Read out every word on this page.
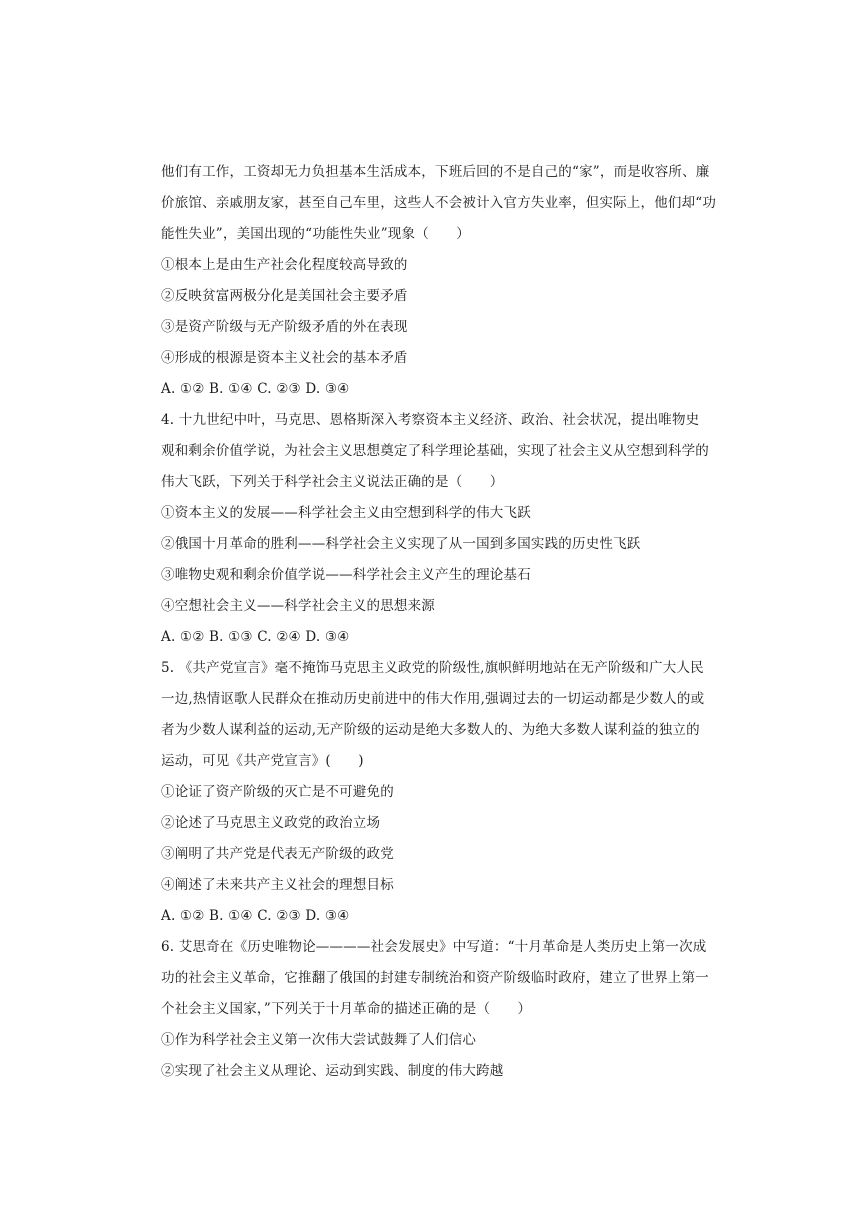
他们有工作，工资却无力负担基本生活成本，下班后回的不是自己的“家”，而是收容所、廉
价旅馆、亲戚朋友家，甚至自己车里，这些人不会被计入官方失业率，但实际上，他们却“功
能性失业”，美国出现的“功能性失业”现象（　　）
①根本上是由生产社会化程度较高导致的
②反映贫富两极分化是美国社会主要矛盾
③是资产阶级与无产阶级矛盾的外在表现
④形成的根源是资本主义社会的基本矛盾
A. ①② B. ①④ C. ②③ D. ③④
4. 十九世纪中叶，马克思、恩格斯深入考察资本主义经济、政治、社会状况，提出唯物史
观和剩余价值学说，为社会主义思想奠定了科学理论基础，实现了社会主义从空想到科学的
伟大飞跃，下列关于科学社会主义说法正确的是（　　）
①资本主义的发展——科学社会主义由空想到科学的伟大飞跃
②俄国十月革命的胜利——科学社会主义实现了从一国到多国实践的历史性飞跃
③唯物史观和剩余价值学说——科学社会主义产生的理论基石
④空想社会主义——科学社会主义的思想来源
A. ①② B. ①③ C. ②④ D. ③④
5. 《共产党宣言》毫不掩饰马克思主义政党的阶级性,旗帜鲜明地站在无产阶级和广大人民
一边,热情讴歌人民群众在推动历史前进中的伟大作用,强调过去的一切运动都是少数人的或
者为少数人谋利益的运动,无产阶级的运动是绝大多数人的、为绝大多数人谋利益的独立的
运动，可见《共产党宣言》(　　)
①论证了资产阶级的灭亡是不可避免的
②论述了马克思主义政党的政治立场
③阐明了共产党是代表无产阶级的政党
④阐述了未来共产主义社会的理想目标
A. ①② B. ①④ C. ②③ D. ③④
6. 艾思奇在《历史唯物论————社会发展史》中写道：“十月革命是人类历史上第一次成
功的社会主义革命，它推翻了俄国的封建专制统治和资产阶级临时政府，建立了世界上第一
个社会主义国家，”下列关于十月革命的描述正确的是（　　）
①作为科学社会主义第一次伟大尝试鼓舞了人们信心
②实现了社会主义从理论、运动到实践、制度的伟大跨越
